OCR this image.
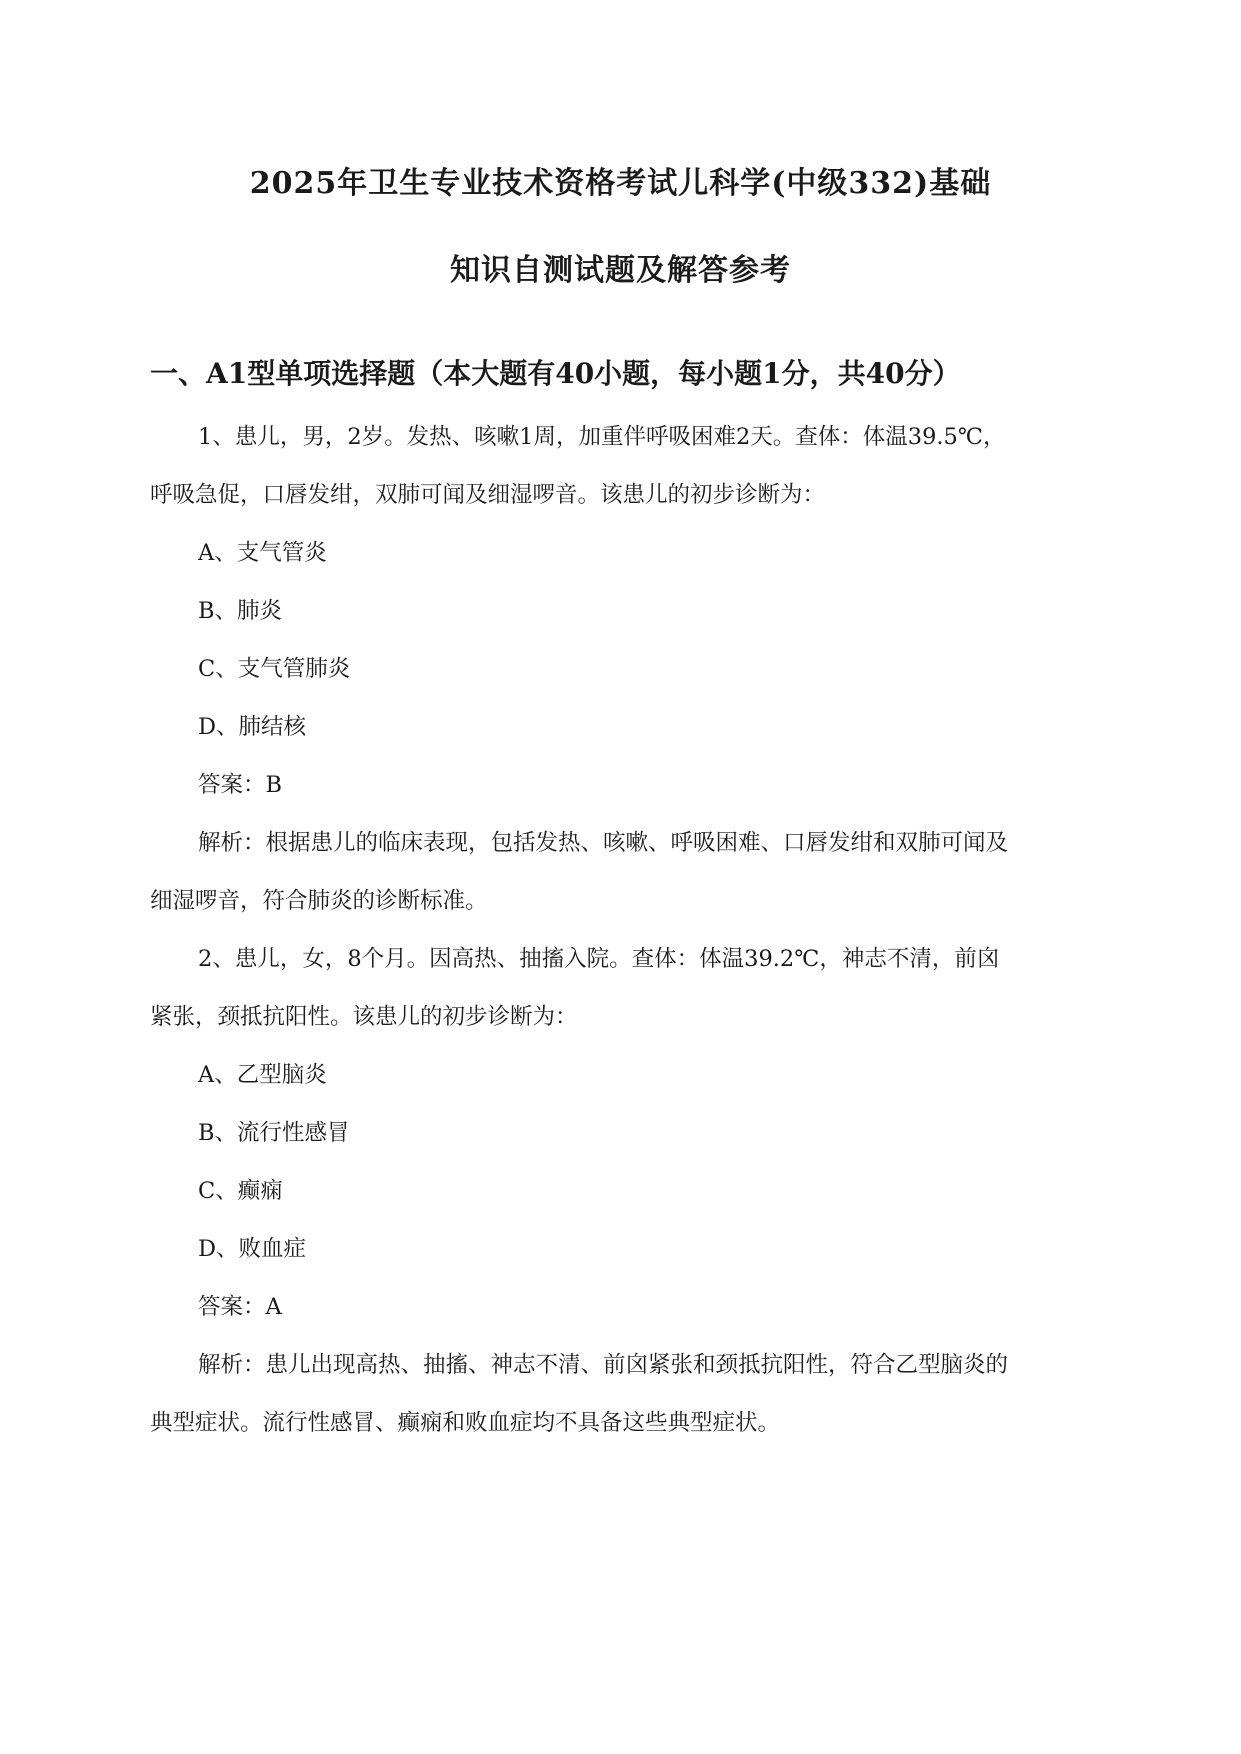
2025年卫生专业技术资格考试儿科学(中级332)基础
知识自测试题及解答参考
一、A1型单项选择题（本大题有40小题，每小题1分，共40分）
1、患儿，男，2岁。发热、咳嗽1周，加重伴呼吸困难2天。查体：体温39.5℃，
呼吸急促，口唇发绀，双肺可闻及细湿啰音。该患儿的初步诊断为：
A、支气管炎
B、肺炎
C、支气管肺炎
D、肺结核
答案：B
解析：根据患儿的临床表现，包括发热、咳嗽、呼吸困难、口唇发绀和双肺可闻及
细湿啰音，符合肺炎的诊断标准。
2、患儿，女，8个月。因高热、抽搐入院。查体：体温39.2℃，神志不清，前囟
紧张，颈抵抗阳性。该患儿的初步诊断为：
A、乙型脑炎
B、流行性感冒
C、癫痫
D、败血症
答案：A
解析：患儿出现高热、抽搐、神志不清、前囟紧张和颈抵抗阳性，符合乙型脑炎的
典型症状。流行性感冒、癫痫和败血症均不具备这些典型症状。
